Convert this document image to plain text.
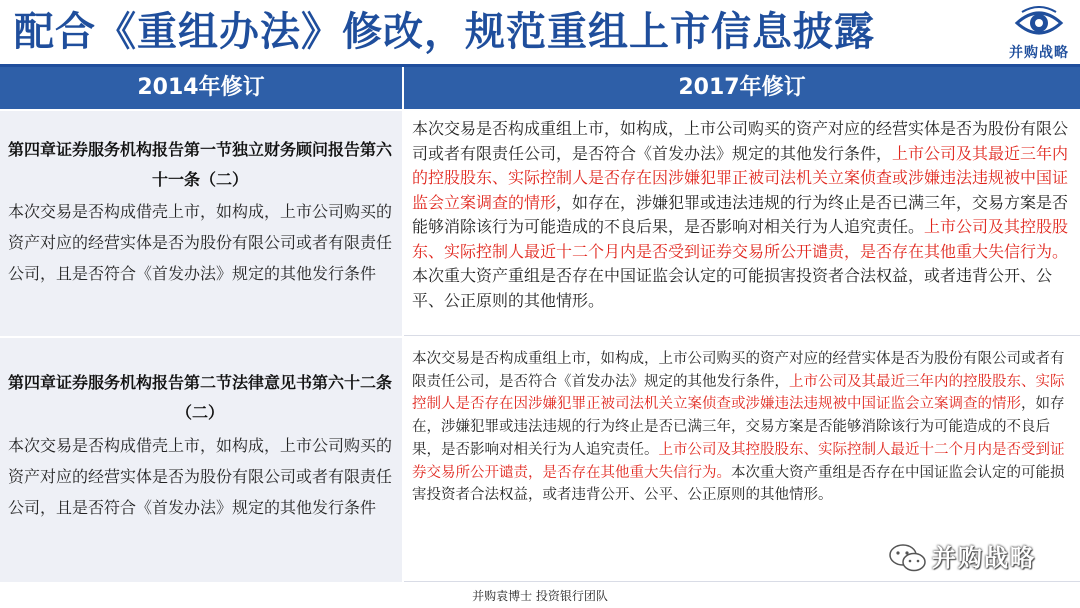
配合《重组办法》修改，规范重组上市信息披露	并购战略
2014年修订	2017年修订
第四章证券服务机构报告第一节独立财务顾问报告第六十一条（二）
本次交易是否构成借壳上市，如构成，上市公司购买的资产对应的经营实体是否为股份有限公司或者有限责任公司，且是否符合《首发办法》规定的其他发行条件
本次交易是否构成重组上市，如构成，上市公司购买的资产对应的经营实体是否为股份有限公司或者有限责任公司，是否符合《首发办法》规定的其他发行条件，上市公司及其最近三年内的控股股东、实际控制人是否存在因涉嫌犯罪正被司法机关立案侦查或涉嫌违法违规被中国证监会立案调查的情形，如存在，涉嫌犯罪或违法违规的行为终止是否已满三年，交易方案是否能够消除该行为可能造成的不良后果，是否影响对相关行为人追究责任。上市公司及其控股股东、实际控制人最近十二个月内是否受到证券交易所公开谴责，是否存在其他重大失信行为。本次重大资产重组是否存在中国证监会认定的可能损害投资者合法权益，或者违背公开、公平、公正原则的其他情形。
第四章证券服务机构报告第二节法律意见书第六十二条（二）
本次交易是否构成借壳上市，如构成，上市公司购买的资产对应的经营实体是否为股份有限公司或者有限责任公司，且是否符合《首发办法》规定的其他发行条件
本次交易是否构成重组上市，如构成，上市公司购买的资产对应的经营实体是否为股份有限公司或者有限责任公司，是否符合《首发办法》规定的其他发行条件，上市公司及其最近三年内的控股股东、实际控制人是否存在因涉嫌犯罪正被司法机关立案侦查或涉嫌违法违规被中国证监会立案调查的情形，如存在，涉嫌犯罪或违法违规的行为终止是否已满三年，交易方案是否能够消除该行为可能造成的不良后果，是否影响对相关行为人追究责任。上市公司及其控股股东、实际控制人最近十二个月内是否受到证券交易所公开谴责，是否存在其他重大失信行为。本次重大资产重组是否存在中国证监会认定的可能损害投资者合法权益，或者违背公开、公平、公正原则的其他情形。
并购战略
并购袁博士 投资银行团队
